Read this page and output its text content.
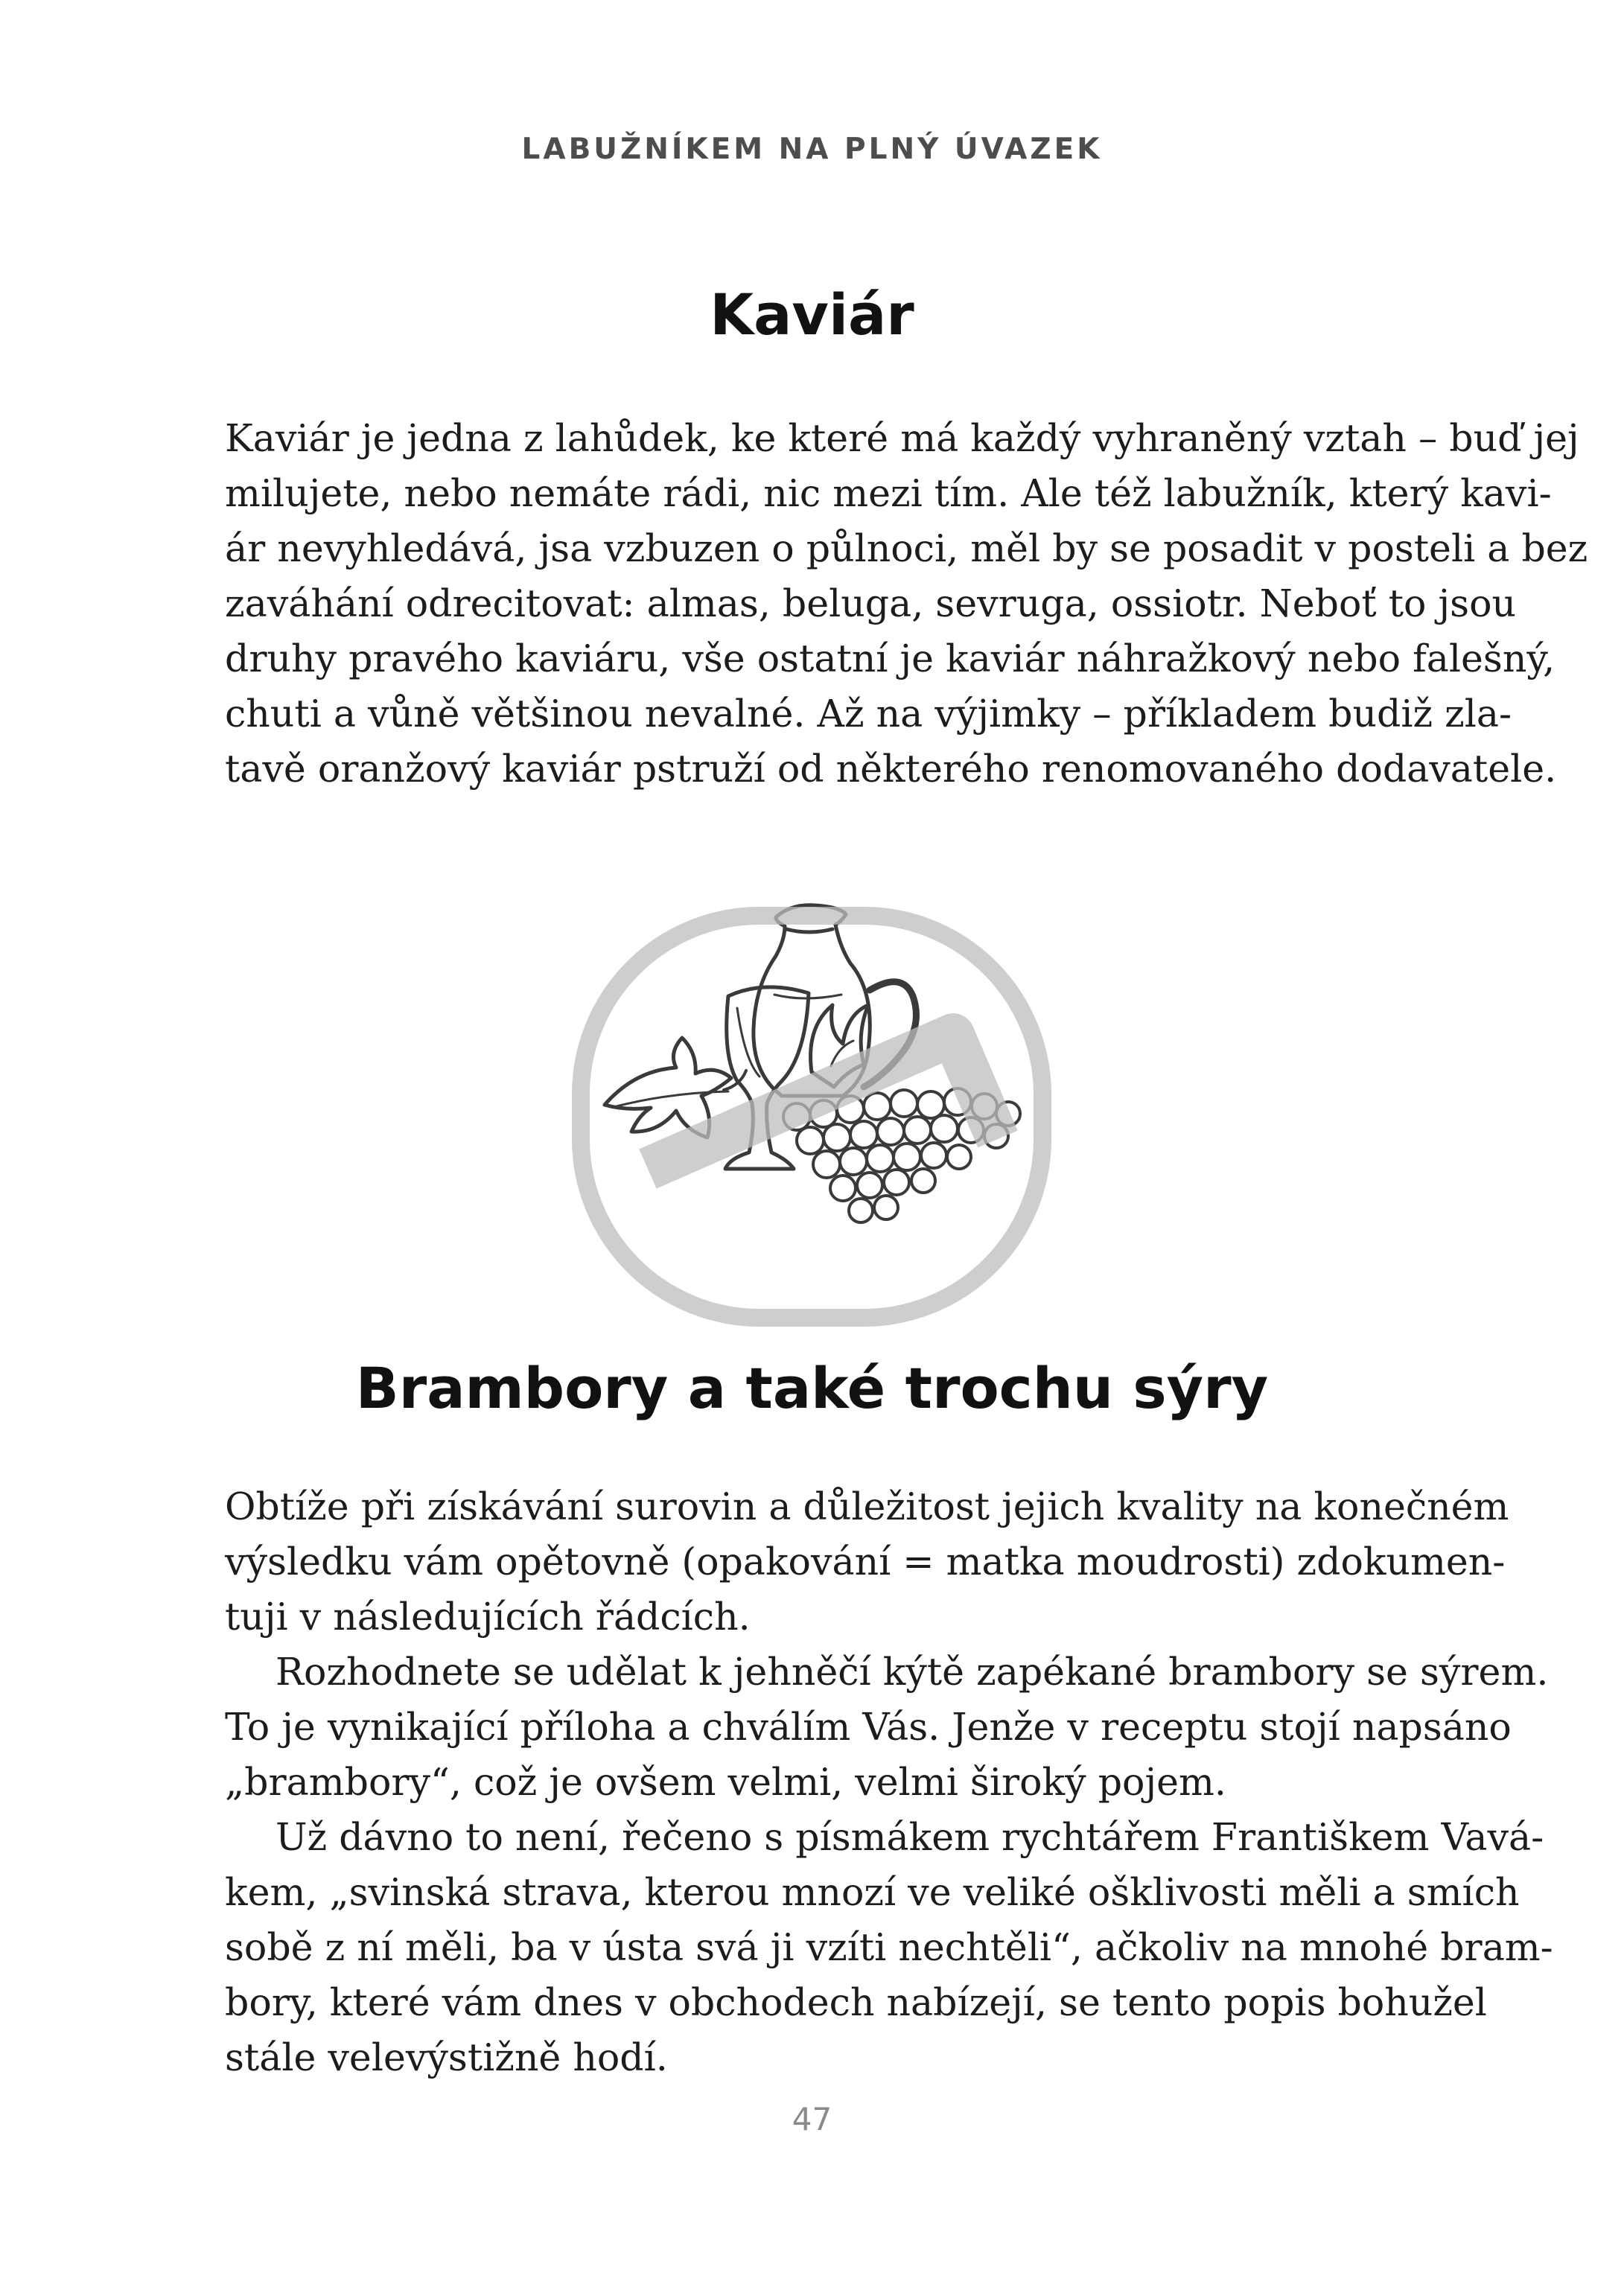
LABUŽNÍKEM NA PLNÝ ÚVAZEK
Kaviár
Kaviár je jedna z lahůdek, ke které má každý vyhraněný vztah – buď jej
milujete, nebo nemáte rádi, nic mezi tím. Ale též labužník, který kavi-
ár nevyhledává, jsa vzbuzen o půlnoci, měl by se posadit v posteli a bez
zaváhání odrecitovat: almas, beluga, sevruga, ossiotr. Neboť to jsou
druhy pravého kaviáru, vše ostatní je kaviár náhražkový nebo falešný,
chuti a vůně většinou nevalné. Až na výjimky – příkladem budiž zla-
tavě oranžový kaviár pstruží od některého renomovaného dodavatele.
Brambory a také trochu sýry
Obtíže při získávání surovin a důležitost jejich kvality na konečném
výsledku vám opětovně (opakování = matka moudrosti) zdokumen-
tuji v následujících řádcích.
Rozhodnete se udělat k jehněčí kýtě zapékané brambory se sýrem.
To je vynikající příloha a chválím Vás. Jenže v receptu stojí napsáno
„brambory“, což je ovšem velmi, velmi široký pojem.
Už dávno to není, řečeno s písmákem rychtářem Františkem Vavá-
kem, „svinská strava, kterou mnozí ve veliké ošklivosti měli a smích
sobě z ní měli, ba v ústa svá ji vzíti nechtěli“, ačkoliv na mnohé bram-
bory, které vám dnes v obchodech nabízejí, se tento popis bohužel
stále velevýstižně hodí.
47
